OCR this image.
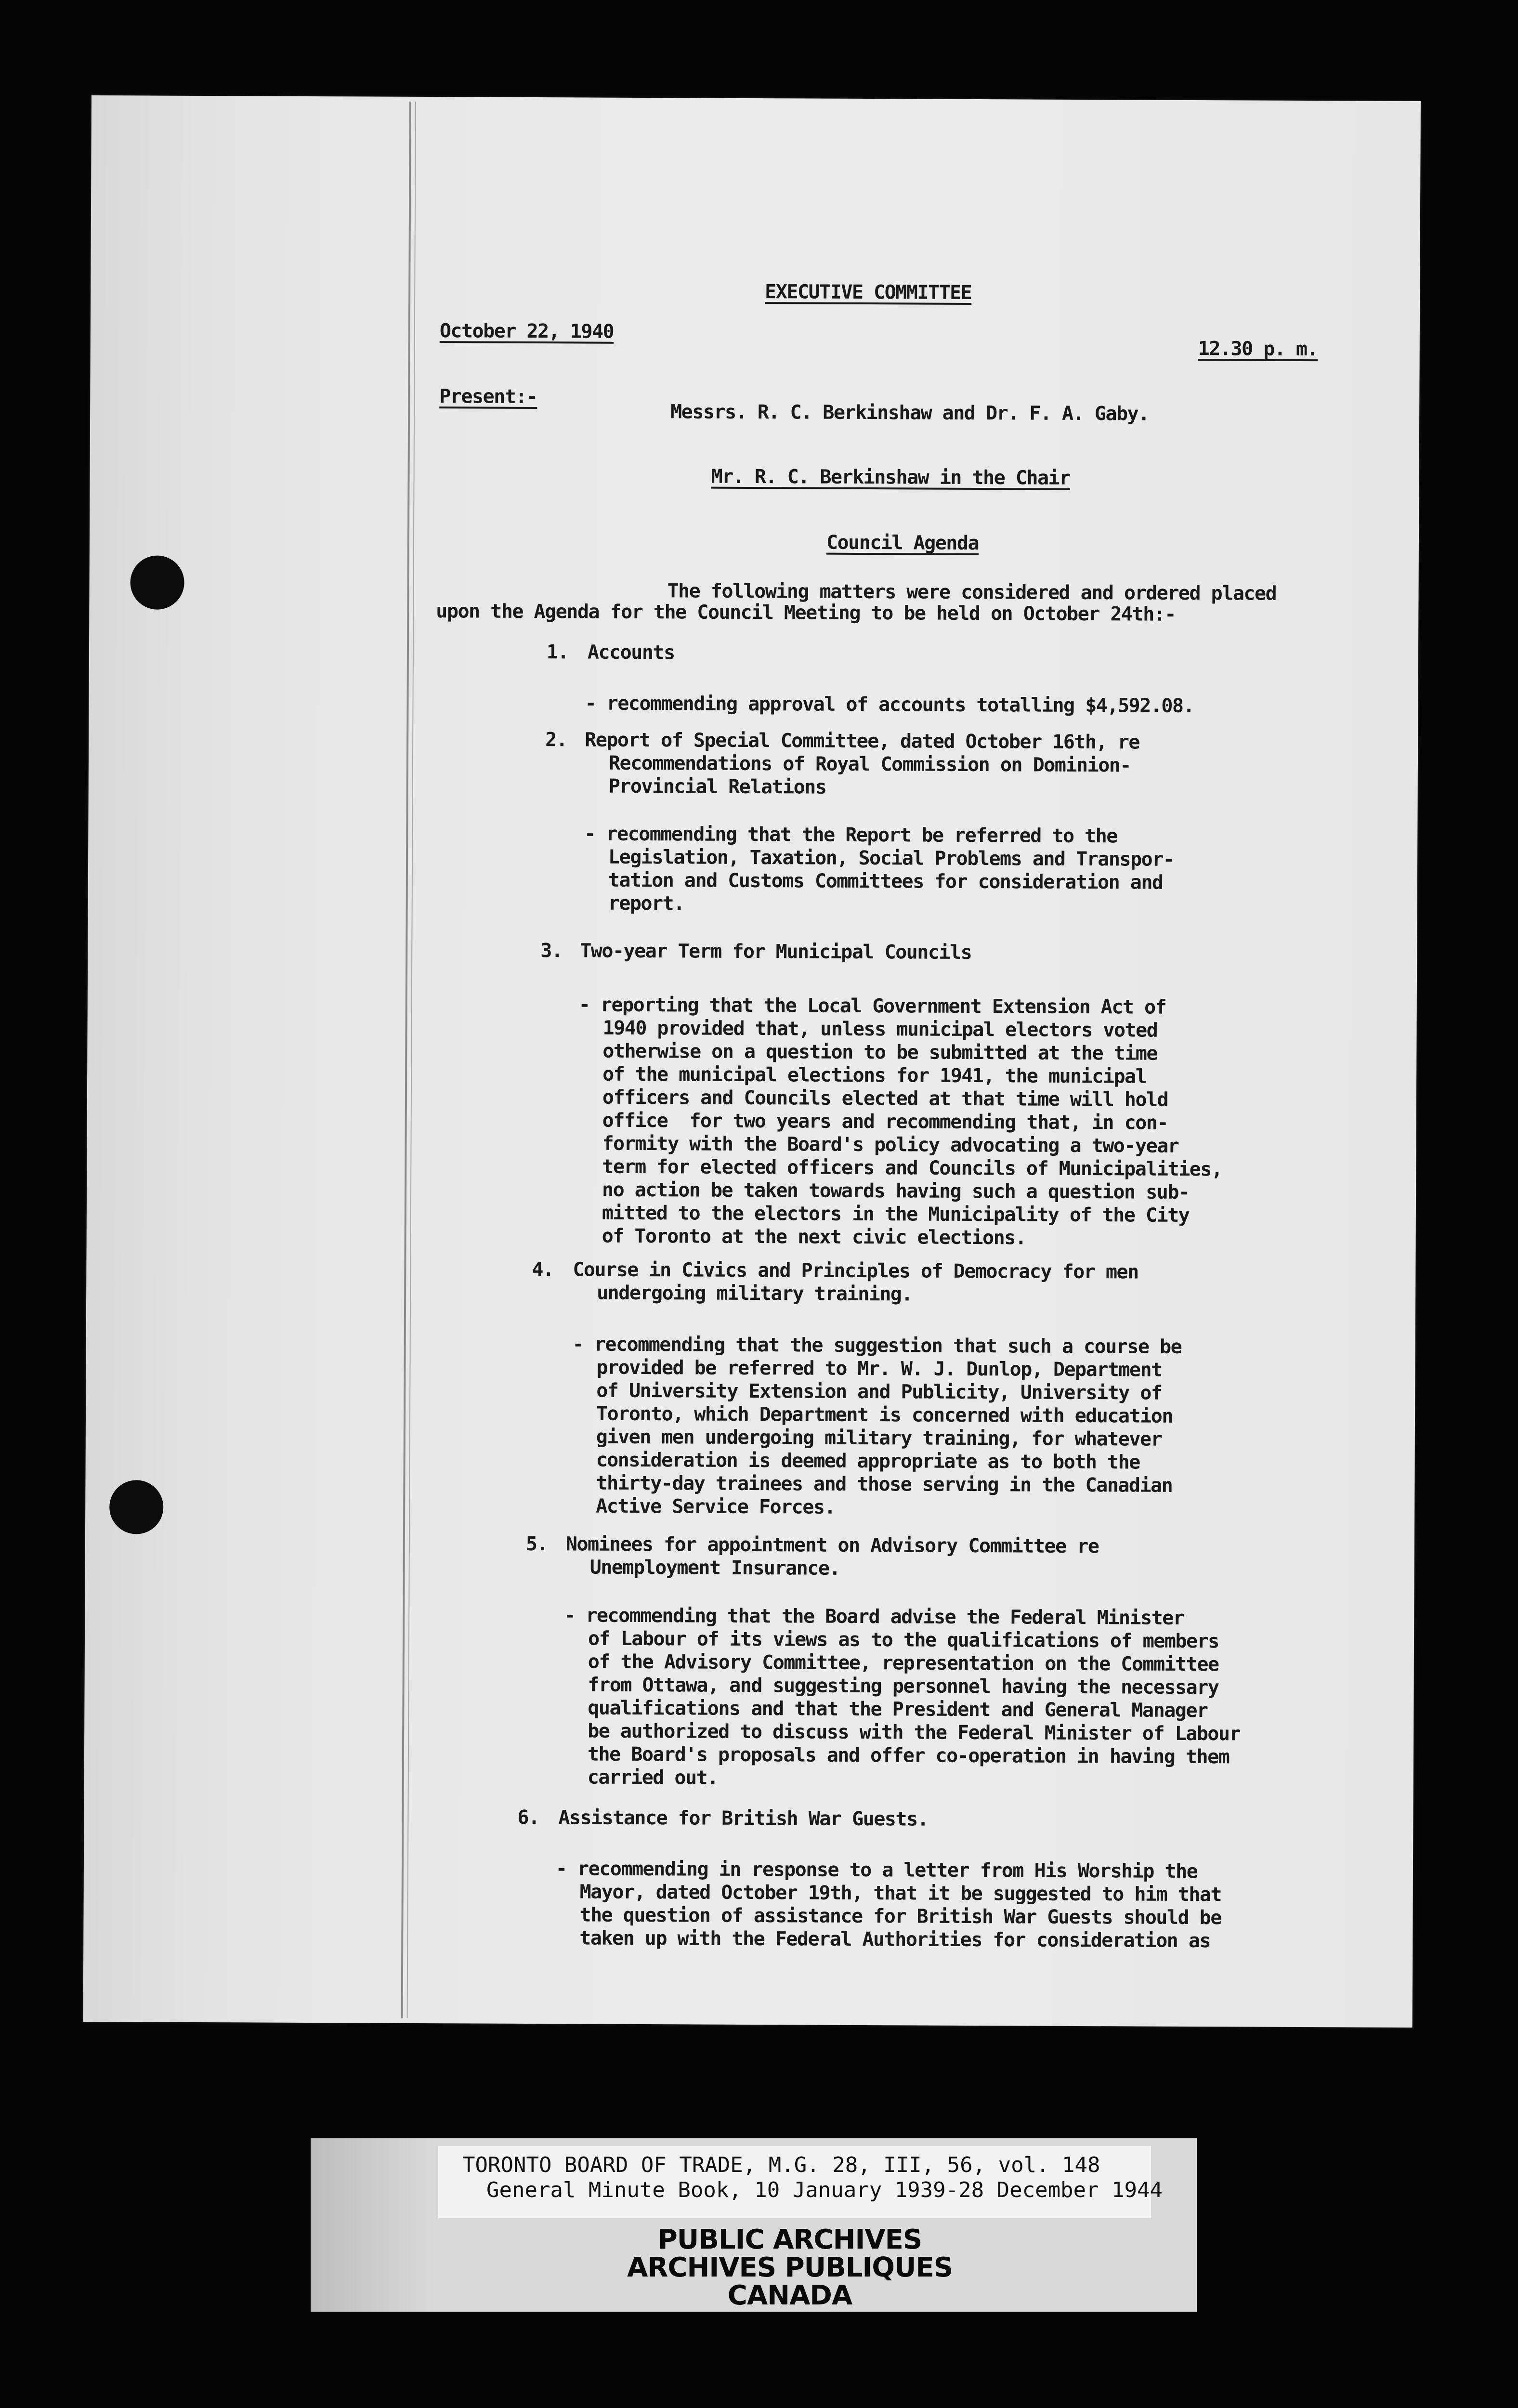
EXECUTIVE COMMITTEE
October 22, 1940
12.30 p. m.
Present:-
Messrs. R. C. Berkinshaw and Dr. F. A. Gaby.
Mr. R. C. Berkinshaw in the Chair
Council Agenda
The following matters were considered and ordered placed
upon the Agenda for the Council Meeting to be held on October 24th:-
1. Accounts
- recommending approval of accounts totalling $4,592.08.
2. Report of Special Committee, dated October 16th, re
Recommendations of Royal Commission on Dominion-
Provincial Relations
- recommending that the Report be referred to the
Legislation, Taxation, Social Problems and Transpor-
tation and Customs Committees for consideration and
report.
3. Two-year Term for Municipal Councils
- reporting that the Local Government Extension Act of
1940 provided that, unless municipal electors voted
otherwise on a question to be submitted at the time
of the municipal elections for 1941, the municipal
officers and Councils elected at that time will hold
office  for two years and recommending that, in con-
formity with the Board's policy advocating a two-year
term for elected officers and Councils of Municipalities,
no action be taken towards having such a question sub-
mitted to the electors in the Municipality of the City
of Toronto at the next civic elections.
4. Course in Civics and Principles of Democracy for men
undergoing military training.
- recommending that the suggestion that such a course be
provided be referred to Mr. W. J. Dunlop, Department
of University Extension and Publicity, University of
Toronto, which Department is concerned with education
given men undergoing military training, for whatever
consideration is deemed appropriate as to both the
thirty-day trainees and those serving in the Canadian
Active Service Forces.
5. Nominees for appointment on Advisory Committee re
Unemployment Insurance.
- recommending that the Board advise the Federal Minister
of Labour of its views as to the qualifications of members
of the Advisory Committee, representation on the Committee
from Ottawa, and suggesting personnel having the necessary
qualifications and that the President and General Manager
be authorized to discuss with the Federal Minister of Labour
the Board's proposals and offer co-operation in having them
carried out.
6. Assistance for British War Guests.
- recommending in response to a letter from His Worship the
Mayor, dated October 19th, that it be suggested to him that
the question of assistance for British War Guests should be
taken up with the Federal Authorities for consideration as
TORONTO BOARD OF TRADE, M.G. 28, III, 56, vol. 148
General Minute Book, 10 January 1939-28 December 1944
PUBLIC ARCHIVES
ARCHIVES PUBLIQUES
CANADA
